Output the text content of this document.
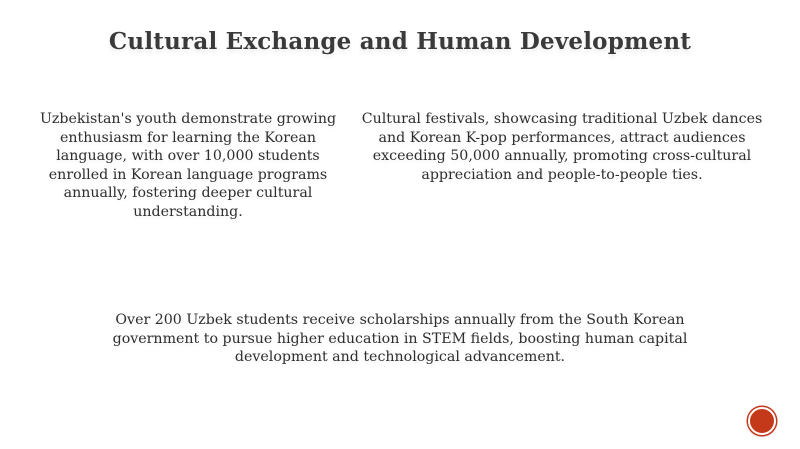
Cultural Exchange and Human Development

Uzbekistan's youth demonstrate growing enthusiasm for learning the Korean language, with over 10,000 students enrolled in Korean language programs annually, fostering deeper cultural understanding.

Cultural festivals, showcasing traditional Uzbek dances and Korean K-pop performances, attract audiences exceeding 50,000 annually, promoting cross-cultural appreciation and people-to-people ties.

Over 200 Uzbek students receive scholarships annually from the South Korean government to pursue higher education in STEM fields, boosting human capital development and technological advancement.
